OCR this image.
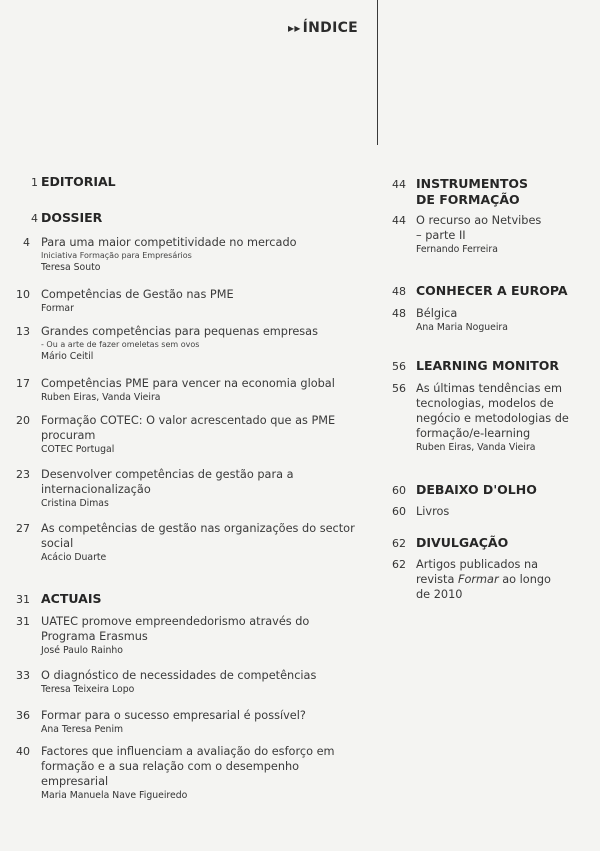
▸▸ ÍNDICE
1 EDITORIAL
4 DOSSIER
4 Para uma maior competitividade no mercado
Iniciativa Formação para Empresários
Teresa Souto
10 Competências de Gestão nas PME
Formar
13 Grandes competências para pequenas empresas
- Ou a arte de fazer omeletas sem ovos
Mário Ceitil
17 Competências PME para vencer na economia global
Ruben Eiras, Vanda Vieira
20 Formação COTEC: O valor acrescentado que as PME procuram
COTEC Portugal
23 Desenvolver competências de gestão para a internacionalização
Cristina Dimas
27 As competências de gestão nas organizações do sector social
Acácio Duarte
31 ACTUAIS
31 UATEC promove empreendedorismo através do Programa Erasmus
José Paulo Rainho
33 O diagnóstico de necessidades de competências
Teresa Teixeira Lopo
36 Formar para o sucesso empresarial é possível?
Ana Teresa Penim
40 Factores que influenciam a avaliação do esforço em formação e a sua relação com o desempenho empresarial
Maria Manuela Nave Figueiredo
44 INSTRUMENTOS DE FORMAÇÃO
44 O recurso ao Netvibes – parte II
Fernando Ferreira
48 CONHECER A EUROPA
48 Bélgica
Ana Maria Nogueira
56 LEARNING MONITOR
56 As últimas tendências em tecnologias, modelos de negócio e metodologias de formação/e-learning
Ruben Eiras, Vanda Vieira
60 DEBAIXO D'OLHO
60 Livros
62 DIVULGAÇÃO
62 Artigos publicados na revista Formar ao longo de 2010
